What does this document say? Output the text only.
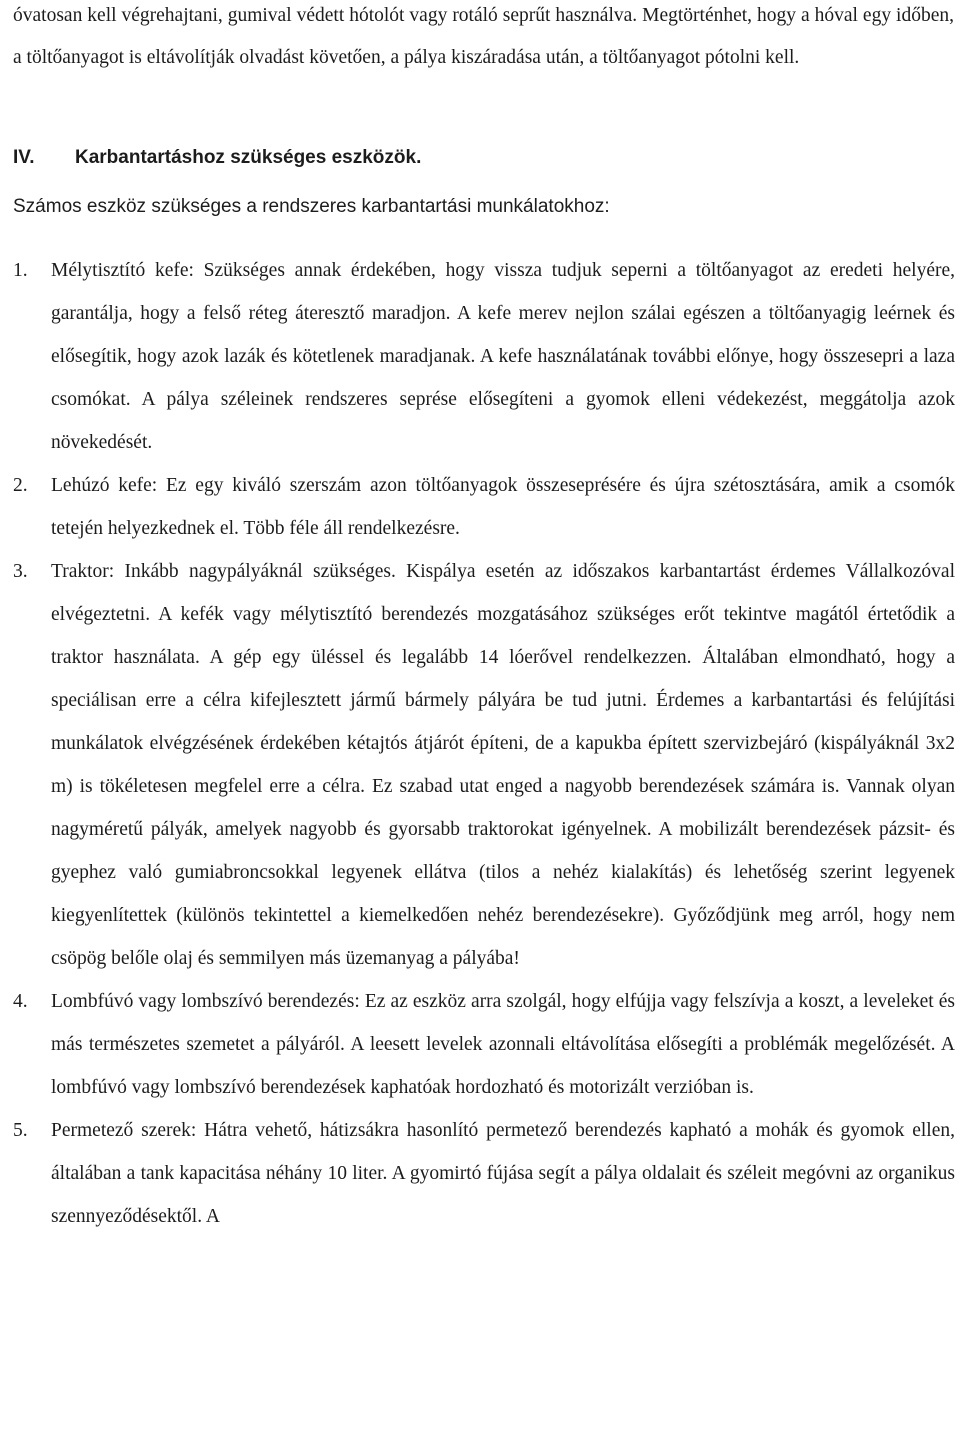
óvatosan kell végrehajtani, gumival védett hótolót vagy rotáló seprűt használva. Megtörténhet, hogy a hóval egy időben, a töltőanyagot is eltávolítják olvadást követően, a pálya kiszáradása után, a töltőanyagot pótolni kell.

IV. Karbantartáshoz szükséges eszközök.

Számos eszköz szükséges a rendszeres karbantartási munkálatokhoz:

1. Mélytisztító kefe: Szükséges annak érdekében, hogy vissza tudjuk seperni a töltőanyagot az eredeti helyére, garantálja, hogy a felső réteg áteresztő maradjon. A kefe merev nejlon szálai egészen a töltőanyagig leérnek és elősegítik, hogy azok lazák és kötetlenek maradjanak. A kefe használatának további előnye, hogy összesepri a laza csomókat. A pálya széleinek rendszeres seprése elősegíteni a gyomok elleni védekezést, meggátolja azok növekedését.

2. Lehúzó kefe: Ez egy kiváló szerszám azon töltőanyagok összeseprésére és újra szétosztására, amik a csomók tetején helyezkednek el. Több féle áll rendelkezésre.

3. Traktor: Inkább nagypályáknál szükséges. Kispálya esetén az időszakos karbantartást érdemes Vállalkozóval elvégeztetni. A kefék vagy mélytisztító berendezés mozgatásához szükséges erőt tekintve magától értetődik a traktor használata. A gép egy üléssel és legalább 14 lóerővel rendelkezzen. Általában elmondható, hogy a speciálisan erre a célra kifejlesztett jármű bármely pályára be tud jutni. Érdemes a karbantartási és felújítási munkálatok elvégzésének érdekében kétajtós átjárót építeni, de a kapukba épített szervizbejáró (kispályáknál 3x2 m) is tökéletesen megfelel erre a célra. Ez szabad utat enged a nagyobb berendezések számára is. Vannak olyan nagyméretű pályák, amelyek nagyobb és gyorsabb traktorokat igényelnek. A mobilizált berendezések pázsit- és gyephez való gumiabroncsokkal legyenek ellátva (tilos a nehéz kialakítás) és lehetőség szerint legyenek kiegyenlítettek (különös tekintettel a kiemelkedően nehéz berendezésekre). Győződjünk meg arról, hogy nem csöpög belőle olaj és semmilyen más üzemanyag a pályába!

4. Lombfúvó vagy lombszívó berendezés: Ez az eszköz arra szolgál, hogy elfújja vagy felszívja a koszt, a leveleket és más természetes szemetet a pályáról. A leesett levelek azonnali eltávolítása elősegíti a problémák megelőzését. A lombfúvó vagy lombszívó berendezések kaphatóak hordozható és motorizált verzióban is.

5. Permetező szerek: Hátra vehető, hátizsákra hasonlító permetező berendezés kapható a mohák és gyomok ellen, általában a tank kapacitása néhány 10 liter. A gyomirtó fújása segít a pálya oldalait és széleit megóvni az organikus szennyeződésektől. A
